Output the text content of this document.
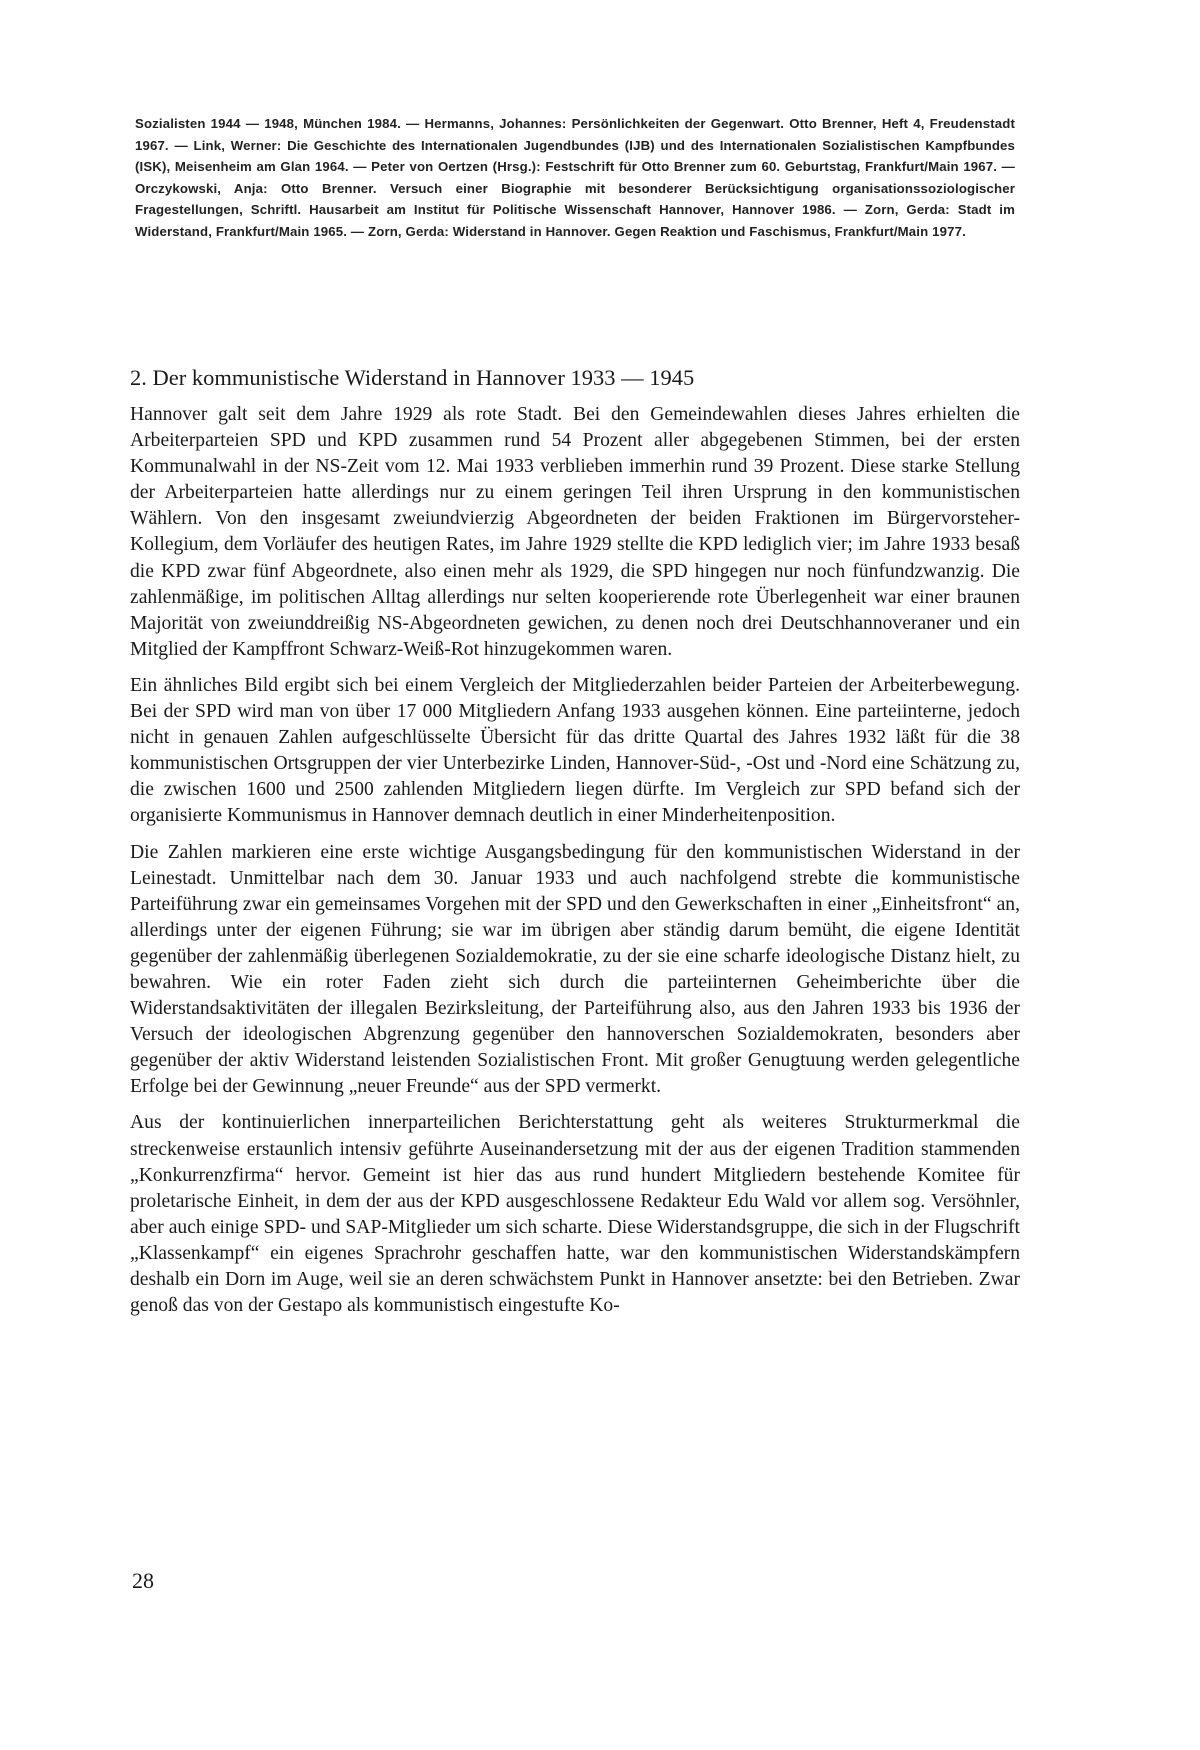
Sozialisten 1944 — 1948, München 1984. — Hermanns, Johannes: Persönlichkeiten der Gegenwart. Otto Brenner, Heft 4, Freudenstadt 1967. — Link, Werner: Die Geschichte des Internationalen Jugendbundes (IJB) und des Internationalen Sozialistischen Kampfbundes (ISK), Meisenheim am Glan 1964. — Peter von Oertzen (Hrsg.): Festschrift für Otto Brenner zum 60. Geburtstag, Frankfurt/Main 1967. — Orczykowski, Anja: Otto Brenner. Versuch einer Biographie mit besonderer Berücksichtigung organisationssoziologischer Fragestellungen, Schriftl. Hausarbeit am Institut für Politische Wissenschaft Hannover, Hannover 1986. — Zorn, Gerda: Stadt im Widerstand, Frankfurt/Main 1965. — Zorn, Gerda: Widerstand in Hannover. Gegen Reaktion und Faschismus, Frankfurt/Main 1977.
2. Der kommunistische Widerstand in Hannover 1933 — 1945

Hannover galt seit dem Jahre 1929 als rote Stadt. Bei den Gemeindewahlen dieses Jahres erhielten die Arbeiterparteien SPD und KPD zusammen rund 54 Prozent aller abgegebenen Stimmen, bei der ersten Kommunalwahl in der NS-Zeit vom 12. Mai 1933 verblieben immerhin rund 39 Prozent. Diese starke Stellung der Arbeiterparteien hatte allerdings nur zu einem geringen Teil ihren Ursprung in den kommunistischen Wählern. Von den insgesamt zweiundvierzig Abgeordneten der beiden Fraktionen im Bürgervorsteher-Kollegium, dem Vorläufer des heutigen Rates, im Jahre 1929 stellte die KPD lediglich vier; im Jahre 1933 besaß die KPD zwar fünf Abgeordnete, also einen mehr als 1929, die SPD hingegen nur noch fünfundzwanzig. Die zahlenmäßige, im politischen Alltag allerdings nur selten kooperierende rote Überlegenheit war einer braunen Majorität von zweiunddreißig NS-Abgeordneten gewichen, zu denen noch drei Deutschhannoveraner und ein Mitglied der Kampffront Schwarz-Weiß-Rot hinzugekommen waren.

Ein ähnliches Bild ergibt sich bei einem Vergleich der Mitgliederzahlen beider Parteien der Arbeiterbewegung. Bei der SPD wird man von über 17 000 Mitgliedern Anfang 1933 ausgehen können. Eine parteiinterne, jedoch nicht in genauen Zahlen aufgeschlüsselte Übersicht für das dritte Quartal des Jahres 1932 läßt für die 38 kommunistischen Ortsgruppen der vier Unterbezirke Linden, Hannover-Süd-, -Ost und -Nord eine Schätzung zu, die zwischen 1600 und 2500 zahlenden Mitgliedern liegen dürfte. Im Vergleich zur SPD befand sich der organisierte Kommunismus in Hannover demnach deutlich in einer Minderheitenposition.

Die Zahlen markieren eine erste wichtige Ausgangsbedingung für den kommunistischen Widerstand in der Leinestadt. Unmittelbar nach dem 30. Januar 1933 und auch nachfolgend strebte die kommunistische Parteiführung zwar ein gemeinsames Vorgehen mit der SPD und den Gewerkschaften in einer „Einheitsfront“ an, allerdings unter der eigenen Führung; sie war im übrigen aber ständig darum bemüht, die eigene Identität gegenüber der zahlenmäßig überlegenen Sozialdemokratie, zu der sie eine scharfe ideologische Distanz hielt, zu bewahren. Wie ein roter Faden zieht sich durch die parteiinternen Geheimberichte über die Widerstandsaktivitäten der illegalen Bezirksleitung, der Parteiführung also, aus den Jahren 1933 bis 1936 der Versuch der ideologischen Abgrenzung gegenüber den hannoverschen Sozialdemokraten, besonders aber gegenüber der aktiv Widerstand leistenden Sozialistischen Front. Mit großer Genugtuung werden gelegentliche Erfolge bei der Gewinnung „neuer Freunde“ aus der SPD vermerkt.

Aus der kontinuierlichen innerparteilichen Berichterstattung geht als weiteres Strukturmerkmal die streckenweise erstaunlich intensiv geführte Auseinandersetzung mit der aus der eigenen Tradition stammenden „Konkurrenzfirma“ hervor. Gemeint ist hier das aus rund hundert Mitgliedern bestehende Komitee für proletarische Einheit, in dem der aus der KPD ausgeschlossene Redakteur Edu Wald vor allem sog. Versöhnler, aber auch einige SPD- und SAP-Mitglieder um sich scharte. Diese Widerstandsgruppe, die sich in der Flugschrift „Klassenkampf“ ein eigenes Sprachrohr geschaffen hatte, war den kommunistischen Widerstandskämpfern deshalb ein Dorn im Auge, weil sie an deren schwächstem Punkt in Hannover ansetzte: bei den Betrieben. Zwar genoß das von der Gestapo als kommunistisch eingestufte Ko-

28
